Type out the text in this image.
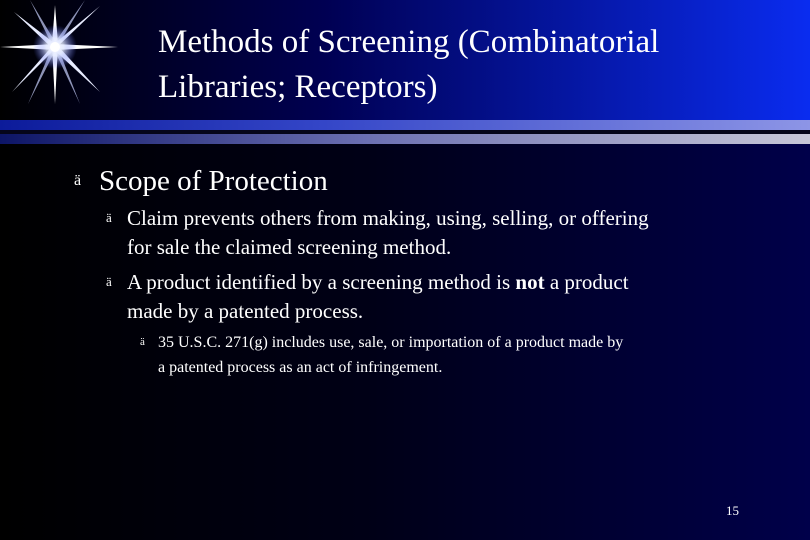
Methods of Screening (Combinatorial
Libraries; Receptors)
ä Scope of Protection
ä Claim prevents others from making, using, selling, or offering
for sale the claimed screening method.

ä A product identified by a screening method is not a product
made by a patented process.

ä 35 U.S.C. 271(g) includes use, sale, or importation of a product made by
a patented process as an act of infringement.

15
